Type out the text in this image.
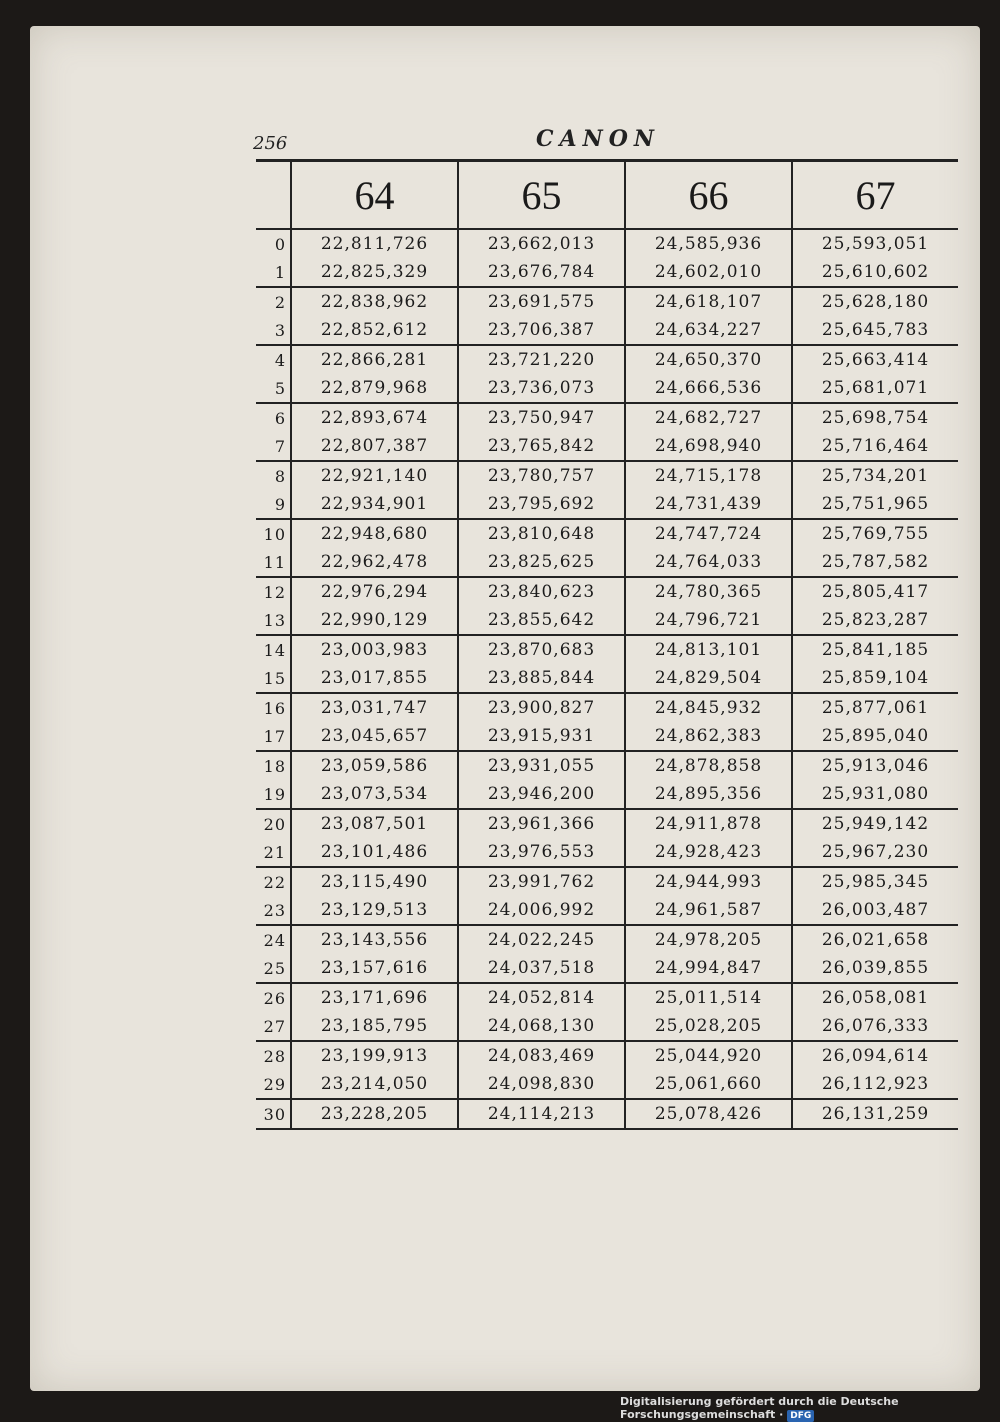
256	CANON
64	65	66	67
0	22,811,726	23,662,013	24,585,936	25,593,051
1	22,825,329	23,676,784	24,602,010	25,610,602
2	22,838,962	23,691,575	24,618,107	25,628,180
3	22,852,612	23,706,387	24,634,227	25,645,783
4	22,866,281	23,721,220	24,650,370	25,663,414
5	22,879,968	23,736,073	24,666,536	25,681,071
6	22,893,674	23,750,947	24,682,727	25,698,754
7	22,807,387	23,765,842	24,698,940	25,716,464
8	22,921,140	23,780,757	24,715,178	25,734,201
9	22,934,901	23,795,692	24,731,439	25,751,965
10	22,948,680	23,810,648	24,747,724	25,769,755
11	22,962,478	23,825,625	24,764,033	25,787,582
12	22,976,294	23,840,623	24,780,365	25,805,417
13	22,990,129	23,855,642	24,796,721	25,823,287
14	23,003,983	23,870,683	24,813,101	25,841,185
15	23,017,855	23,885,844	24,829,504	25,859,104
16	23,031,747	23,900,827	24,845,932	25,877,061
17	23,045,657	23,915,931	24,862,383	25,895,040
18	23,059,586	23,931,055	24,878,858	25,913,046
19	23,073,534	23,946,200	24,895,356	25,931,080
20	23,087,501	23,961,366	24,911,878	25,949,142
21	23,101,486	23,976,553	24,928,423	25,967,230
22	23,115,490	23,991,762	24,944,993	25,985,345
23	23,129,513	24,006,992	24,961,587	26,003,487
24	23,143,556	24,022,245	24,978,205	26,021,658
25	23,157,616	24,037,518	24,994,847	26,039,855
26	23,171,696	24,052,814	25,011,514	26,058,081
27	23,185,795	24,068,130	25,028,205	26,076,333
28	23,199,913	24,083,469	25,044,920	26,094,614
29	23,214,050	24,098,830	25,061,660	26,112,923
30	23,228,205	24,114,213	25,078,426	26,131,259
Digitalisierung gefördert durch die Deutsche Forschungsgemeinschaft · DFG
